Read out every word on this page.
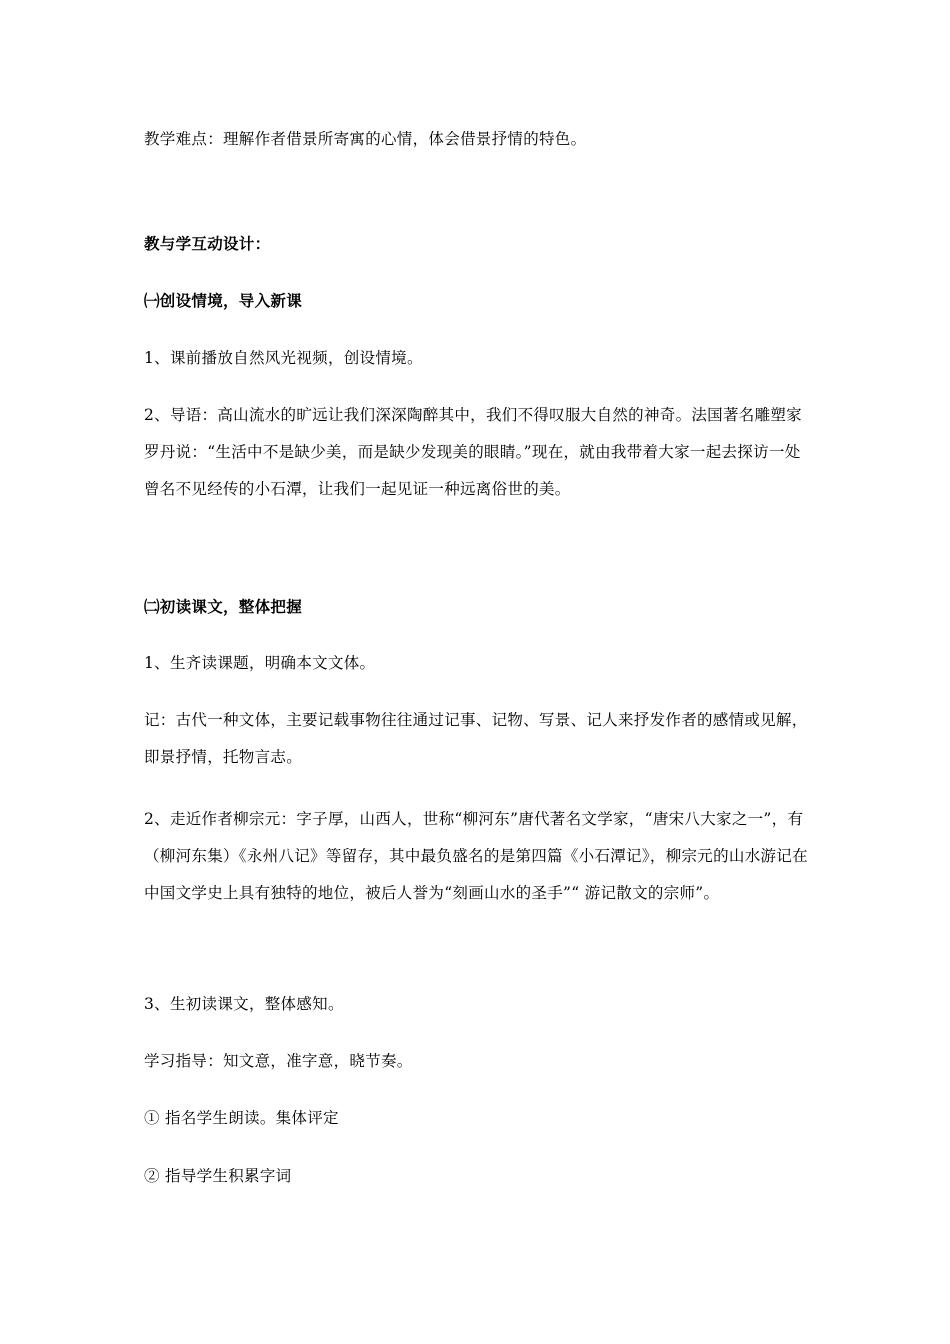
教学难点：理解作者借景所寄寓的心情，体会借景抒情的特色。

教与学互动设计：

㈠创设情境，导入新课

1、课前播放自然风光视频，创设情境。

2、导语：高山流水的旷远让我们深深陶醉其中，我们不得叹服大自然的神奇。法国著名雕塑家罗丹说：“生活中不是缺少美，而是缺少发现美的眼睛。”现在，就由我带着大家一起去探访一处曾名不见经传的小石潭，让我们一起见证一种远离俗世的美。

㈡初读课文，整体把握

1、生齐读课题，明确本文文体。

记：古代一种文体，主要记载事物往往通过记事、记物、写景、记人来抒发作者的感情或见解，即景抒情，托物言志。

2、走近作者柳宗元：字子厚，山西人，世称“柳河东”唐代著名文学家，“唐宋八大家之一”，有（柳河东集）《永州八记》等留存，其中最负盛名的是第四篇《小石潭记》，柳宗元的山水游记在中国文学史上具有独特的地位，被后人誉为“刻画山水的圣手”“ 游记散文的宗师”。

3、生初读课文，整体感知。

学习指导：知文意，准字意，晓节奏。

① 指名学生朗读。集体评定

② 指导学生积累字词
